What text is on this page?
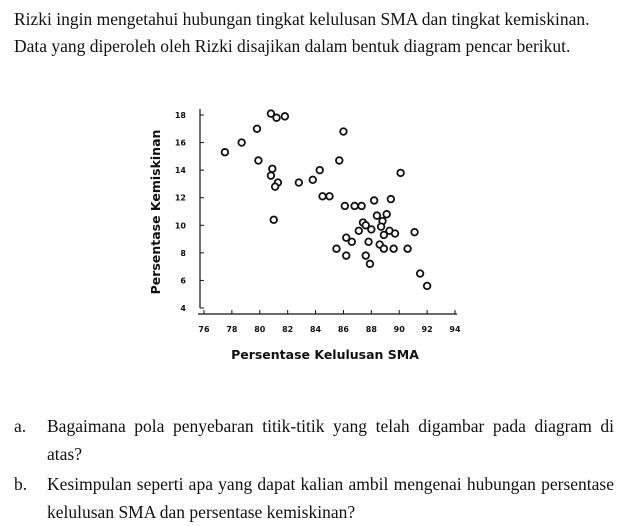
Rizki ingin mengetahui hubungan tingkat kelulusan SMA dan tingkat kemiskinan.

Data yang diperoleh oleh Rizki disajikan dalam bentuk diagram pencar berikut.

Persentase Kemiskinan
Persentase Kelulusan SMA
4
6
8
10
12
14
16
18
76 78 80 82 84 86 88 90 92 94
a. Bagaimana pola penyebaran titik-titik yang telah digambar pada diagram di atas?
b. Kesimpulan seperti apa yang dapat kalian ambil mengenai hubungan persentase kelulusan SMA dan persentase kemiskinan?
